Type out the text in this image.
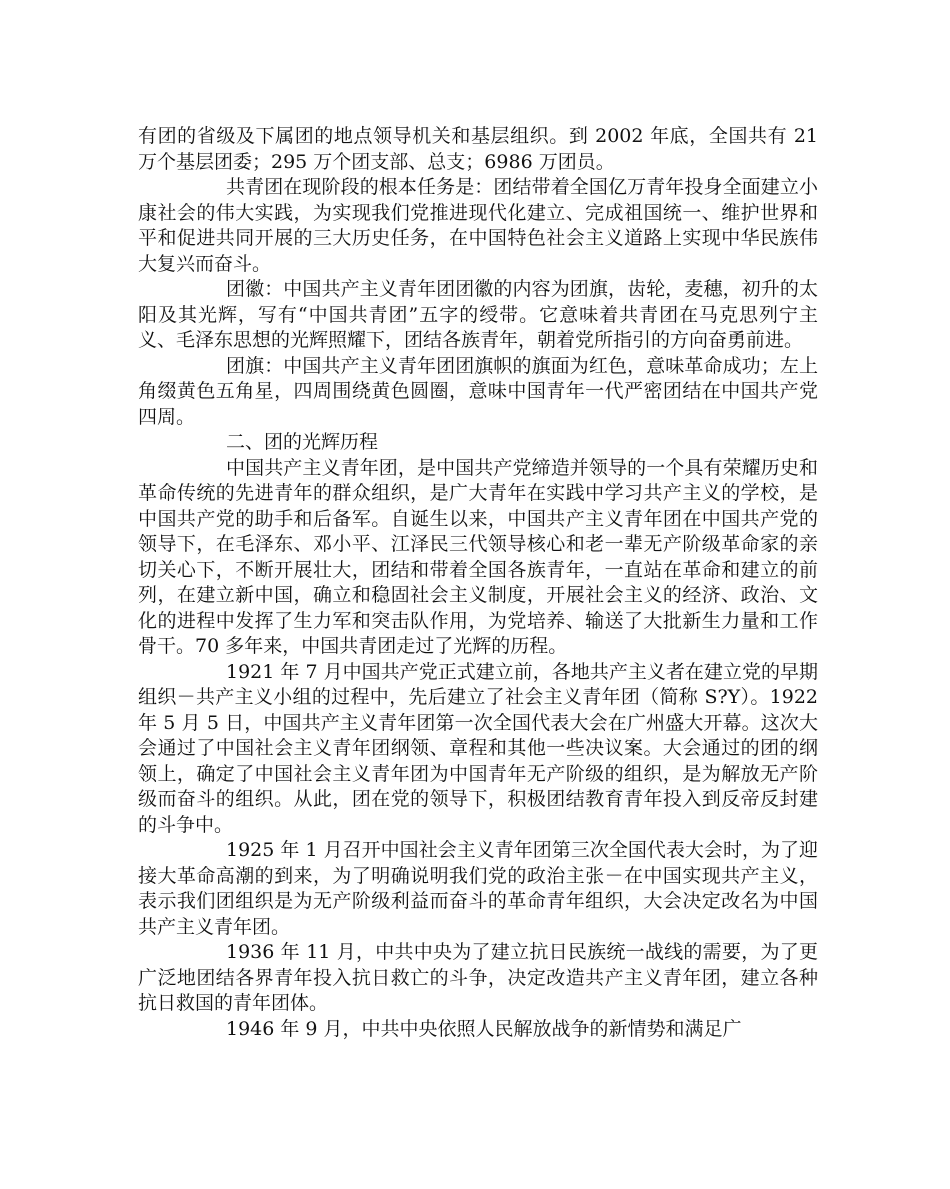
有团的省级及下属团的地点领导机关和基层组织。到 2002 年底，全国共有 21 万个基层团委；295 万个团支部、总支；6986 万团员。

共青团在现阶段的根本任务是：团结带着全国亿万青年投身全面建立小康社会的伟大实践，为实现我们党推进现代化建立、完成祖国统一、维护世界和平和促进共同开展的三大历史任务，在中国特色社会主义道路上实现中华民族伟大复兴而奋斗。

团徽：中国共产主义青年团团徽的内容为团旗，齿轮，麦穗，初升的太阳及其光辉，写有“中国共青团”五字的绶带。它意味着共青团在马克思列宁主义、毛泽东思想的光辉照耀下，团结各族青年，朝着党所指引的方向奋勇前进。

团旗：中国共产主义青年团团旗帜的旗面为红色，意味革命成功；左上角缀黄色五角星，四周围绕黄色圆圈，意味中国青年一代严密团结在中国共产党四周。

二、团的光辉历程

中国共产主义青年团，是中国共产党缔造并领导的一个具有荣耀历史和革命传统的先进青年的群众组织，是广大青年在实践中学习共产主义的学校，是中国共产党的助手和后备军。自诞生以来，中国共产主义青年团在中国共产党的领导下，在毛泽东、邓小平、江泽民三代领导核心和老一辈无产阶级革命家的亲切关心下，不断开展壮大，团结和带着全国各族青年，一直站在革命和建立的前列，在建立新中国，确立和稳固社会主义制度，开展社会主义的经济、政治、文化的进程中发挥了生力军和突击队作用，为党培养、输送了大批新生力量和工作骨干。70 多年来，中国共青团走过了光辉的历程。

1921 年 7 月中国共产党正式建立前，各地共产主义者在建立党的早期组织－共产主义小组的过程中，先后建立了社会主义青年团（简称 S?Y）。1922 年 5 月 5 日，中国共产主义青年团第一次全国代表大会在广州盛大开幕。这次大会通过了中国社会主义青年团纲领、章程和其他一些决议案。大会通过的团的纲领上，确定了中国社会主义青年团为中国青年无产阶级的组织，是为解放无产阶级而奋斗的组织。从此，团在党的领导下，积极团结教育青年投入到反帝反封建的斗争中。

1925 年 1 月召开中国社会主义青年团第三次全国代表大会时，为了迎接大革命高潮的到来，为了明确说明我们党的政治主张－在中国实现共产主义，表示我们团组织是为无产阶级利益而奋斗的革命青年组织，大会决定改名为中国共产主义青年团。

1936 年 11 月，中共中央为了建立抗日民族统一战线的需要，为了更广泛地团结各界青年投入抗日救亡的斗争，决定改造共产主义青年团，建立各种抗日救国的青年团体。

1946 年 9 月，中共中央依照人民解放战争的新情势和满足广
